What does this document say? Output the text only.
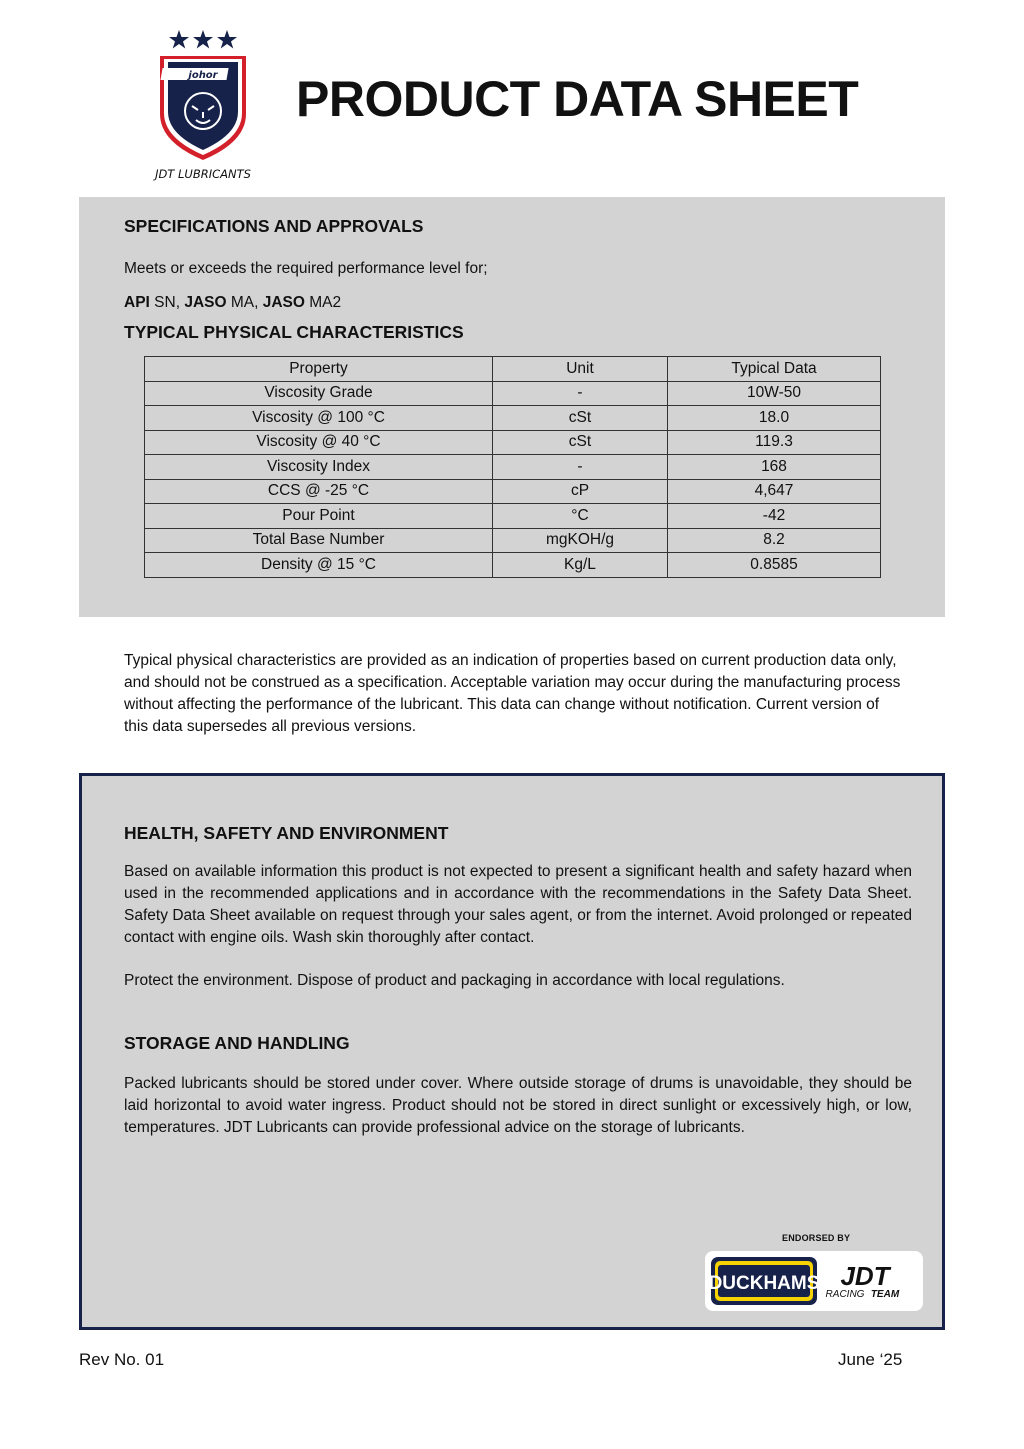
johor
JDT LUBRICANTS
PRODUCT DATA SHEET
SPECIFICATIONS AND APPROVALS

Meets or exceeds the required performance level for;

API SN, JASO MA, JASO MA2
TYPICAL PHYSICAL CHARACTERISTICS
Property	Unit	Typical Data
Viscosity Grade	-	10W-50
Viscosity @ 100 °C	cSt	18.0
Viscosity @ 40 °C	cSt	119.3
Viscosity Index	-	168
CCS @ -25 °C	cP	4,647
Pour Point	°C	-42
Total Base Number	mgKOH/g	8.2
Density @ 15 °C	Kg/L	0.8585

Typical physical characteristics are provided as an indication of properties based on current production data only, and should not be construed as a specification. Acceptable variation may occur during the manufacturing process without affecting the performance of the lubricant. This data can change without notification. Current version of this data supersedes all previous versions.

HEALTH, SAFETY AND ENVIRONMENT

Based on available information this product is not expected to present a significant health and safety hazard when used in the recommended applications and in accordance with the recommendations in the Safety Data Sheet. Safety Data Sheet available on request through your sales agent, or from the internet. Avoid prolonged or repeated contact with engine oils. Wash skin thoroughly after contact.

Protect the environment. Dispose of product and packaging in accordance with local regulations.

STORAGE AND HANDLING

Packed lubricants should be stored under cover. Where outside storage of drums is unavoidable, they should be laid horizontal to avoid water ingress. Product should not be stored in direct sunlight or excessively high, or low, temperatures. JDT Lubricants can provide professional advice on the storage of lubricants.

ENDORSED BY
DUCKHAMS JDT
RACING TEAM
Rev No. 01	June ‘25
